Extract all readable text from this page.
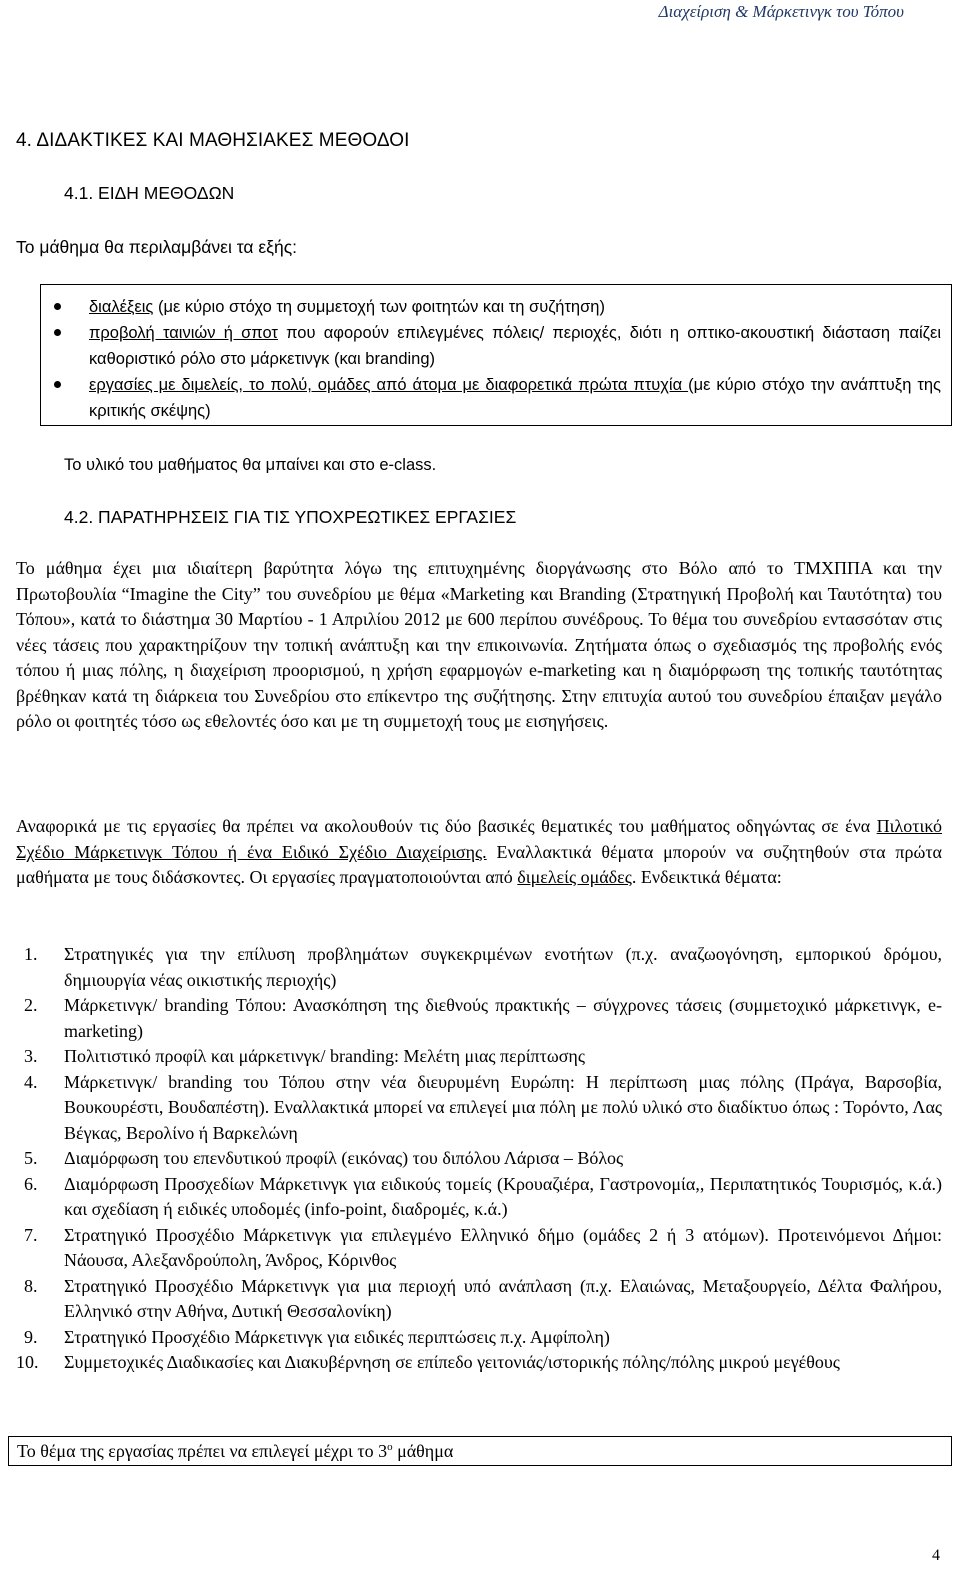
Διαχείριση & Μάρκετινγκ του Τόπου
4. ΔΙΔΑΚΤΙΚΕΣ ΚΑΙ ΜΑΘΗΣΙΑΚΕΣ ΜΕΘΟΔΟΙ
4.1. ΕΙΔΗ ΜΕΘΟΔΩΝ
Το μάθημα θα περιλαμβάνει τα εξής:
διαλέξεις (με κύριο στόχο τη συμμετοχή των φοιτητών και τη συζήτηση)
προβολή ταινιών ή σποτ που αφορούν επιλεγμένες πόλεις/ περιοχές, διότι η οπτικο-ακουστική διάσταση παίζει καθοριστικό ρόλο στο μάρκετινγκ (και branding)
εργασίες με διμελείς, το πολύ, ομάδες από άτομα με διαφορετικά πρώτα πτυχία (με κύριο στόχο την ανάπτυξη της κριτικής σκέψης)
Το υλικό του μαθήματος θα μπαίνει και στο e-class.
4.2. ΠΑΡΑΤΗΡΗΣΕΙΣ ΓΙΑ ΤΙΣ ΥΠΟΧΡΕΩΤΙΚΕΣ ΕΡΓΑΣΙΕΣ
Το μάθημα έχει μια ιδιαίτερη βαρύτητα λόγω της επιτυχημένης διοργάνωσης στο Βόλο από το ΤΜΧΠΠΑ και την Πρωτοβουλία “Imagine the City” του συνεδρίου με θέμα «Marketing και Branding (Στρατηγική Προβολή και Ταυτότητα) του Τόπου», κατά το διάστημα 30 Μαρτίου - 1 Απριλίου 2012 με 600 περίπου συνέδρους. Το θέμα του συνεδρίου εντασσόταν στις νέες τάσεις που χαρακτηρίζουν την τοπική ανάπτυξη και την επικοινωνία. Ζητήματα όπως ο σχεδιασμός της προβολής ενός τόπου ή μιας πόλης, η διαχείριση προορισμού, η χρήση εφαρμογών e-marketing και η διαμόρφωση της τοπικής ταυτότητας βρέθηκαν κατά τη διάρκεια του Συνεδρίου στο επίκεντρο της συζήτησης. Στην επιτυχία αυτού του συνεδρίου έπαιξαν μεγάλο ρόλο οι φοιτητές τόσο ως εθελοντές όσο και με τη συμμετοχή τους με εισηγήσεις.
Αναφορικά με τις εργασίες θα πρέπει να ακολουθούν τις δύο βασικές θεματικές του μαθήματος οδηγώντας σε ένα Πιλοτικό Σχέδιο Μάρκετινγκ Τόπου ή ένα Ειδικό Σχέδιο Διαχείρισης. Εναλλακτικά θέματα μπορούν να συζητηθούν στα πρώτα μαθήματα με τους διδάσκοντες. Οι εργασίες πραγματοποιούνται από διμελείς ομάδες. Ενδεικτικά θέματα:
1. Στρατηγικές για την επίλυση προβλημάτων συγκεκριμένων ενοτήτων (π.χ. αναζωογόνηση, εμπορικού δρόμου, δημιουργία νέας οικιστικής περιοχής)
2. Μάρκετινγκ/ branding Τόπου: Ανασκόπηση της διεθνούς πρακτικής – σύγχρονες τάσεις (συμμετοχικό μάρκετινγκ, e-marketing)
3. Πολιτιστικό προφίλ και μάρκετινγκ/ branding: Μελέτη μιας περίπτωσης
4. Μάρκετινγκ/ branding του Τόπου στην νέα διευρυμένη Ευρώπη: Η περίπτωση μιας πόλης (Πράγα, Βαρσοβία, Βουκουρέστι, Βουδαπέστη). Εναλλακτικά μπορεί να επιλεγεί μια πόλη με πολύ υλικό στο διαδίκτυο όπως : Τορόντο, Λας Βέγκας, Βερολίνο ή Βαρκελώνη
5. Διαμόρφωση του επενδυτικού προφίλ (εικόνας) του διπόλου Λάρισα – Βόλος
6. Διαμόρφωση Προσχεδίων Μάρκετινγκ για ειδικούς τομείς (Κρουαζιέρα, Γαστρονομία,, Περιπατητικός Τουρισμός, κ.ά.) και σχεδίαση ή ειδικές υποδομές (info-point, διαδρομές, κ.ά.)
7. Στρατηγικό Προσχέδιο Μάρκετινγκ για επιλεγμένο Ελληνικό δήμο (ομάδες 2 ή 3 ατόμων). Προτεινόμενοι Δήμοι: Νάουσα, Αλεξανδρούπολη, Άνδρος, Κόρινθος
8. Στρατηγικό Προσχέδιο Μάρκετινγκ για μια περιοχή υπό ανάπλαση (π.χ. Ελαιώνας, Μεταξουργείο, Δέλτα Φαλήρου, Ελληνικό στην Αθήνα, Δυτική Θεσσαλονίκη)
9. Στρατηγικό Προσχέδιο Μάρκετινγκ για ειδικές περιπτώσεις π.χ. Αμφίπολη)
10. Συμμετοχικές Διαδικασίες και Διακυβέρνηση σε επίπεδο γειτονιάς/ιστορικής πόλης/πόλης μικρού μεγέθους
Το θέμα της εργασίας πρέπει να επιλεγεί μέχρι το $3^o$ μάθημα
4
